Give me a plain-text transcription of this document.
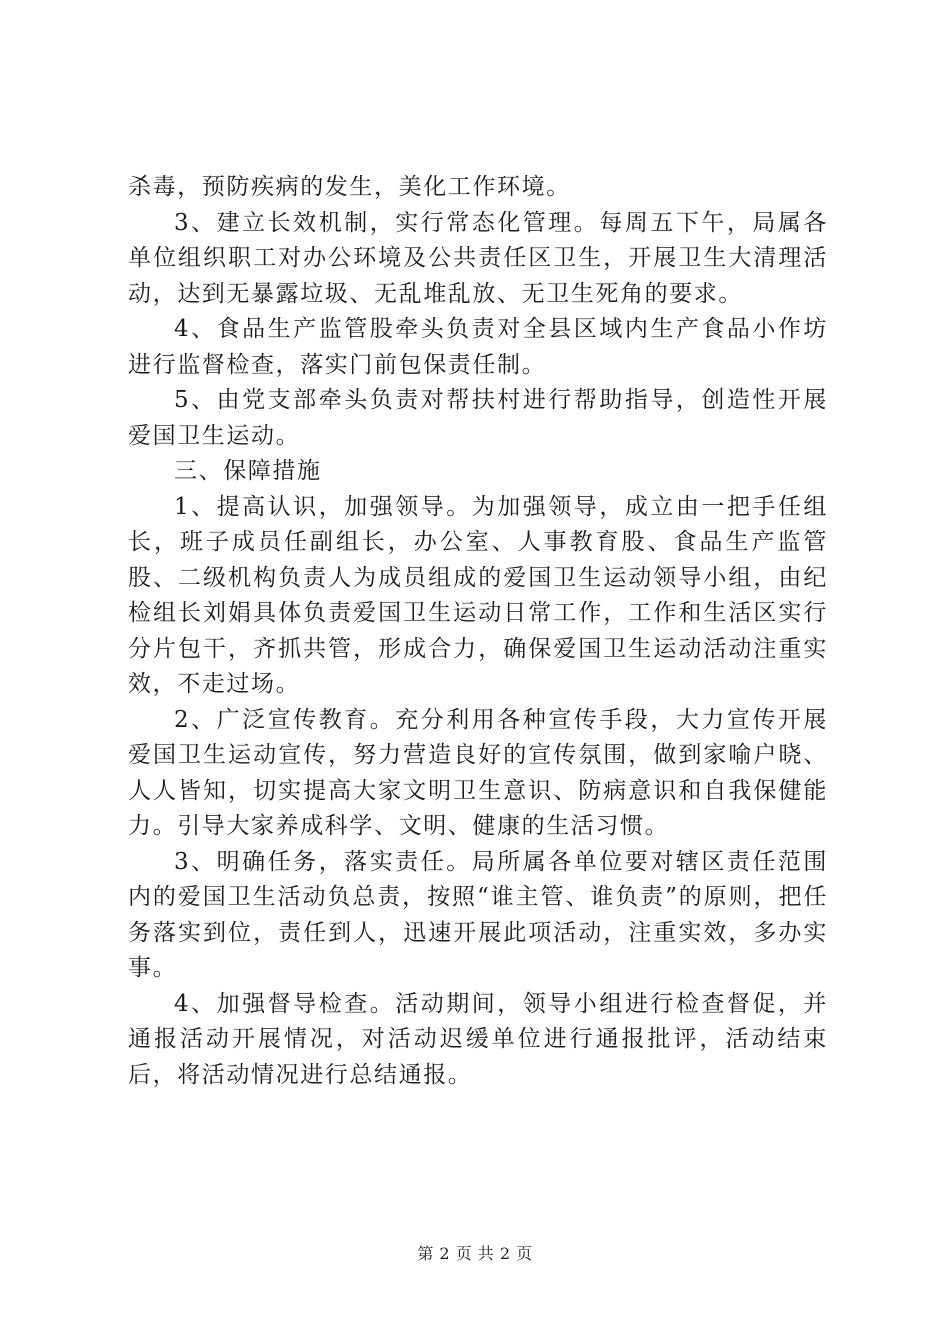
杀毒，预防疾病的发生，美化工作环境。

3、建立长效机制，实行常态化管理。每周五下午，局属各单位组织职工对办公环境及公共责任区卫生，开展卫生大清理活动，达到无暴露垃圾、无乱堆乱放、无卫生死角的要求。

4、食品生产监管股牵头负责对全县区域内生产食品小作坊进行监督检查，落实门前包保责任制。

5、由党支部牵头负责对帮扶村进行帮助指导，创造性开展爱国卫生运动。

三、保障措施

1、提高认识，加强领导。为加强领导，成立由一把手任组长，班子成员任副组长，办公室、人事教育股、食品生产监管股、二级机构负责人为成员组成的爱国卫生运动领导小组，由纪检组长刘娟具体负责爱国卫生运动日常工作，工作和生活区实行分片包干，齐抓共管，形成合力，确保爱国卫生运动活动注重实效，不走过场。

2、广泛宣传教育。充分利用各种宣传手段，大力宣传开展爱国卫生运动宣传，努力营造良好的宣传氛围，做到家喻户晓、人人皆知，切实提高大家文明卫生意识、防病意识和自我保健能力。引导大家养成科学、文明、健康的生活习惯。

3、明确任务，落实责任。局所属各单位要对辖区责任范围内的爱国卫生活动负总责，按照“谁主管、谁负责”的原则，把任务落实到位，责任到人，迅速开展此项活动，注重实效，多办实事。

4、加强督导检查。活动期间，领导小组进行检查督促，并通报活动开展情况，对活动迟缓单位进行通报批评，活动结束后，将活动情况进行总结通报。

第 2 页 共 2 页
